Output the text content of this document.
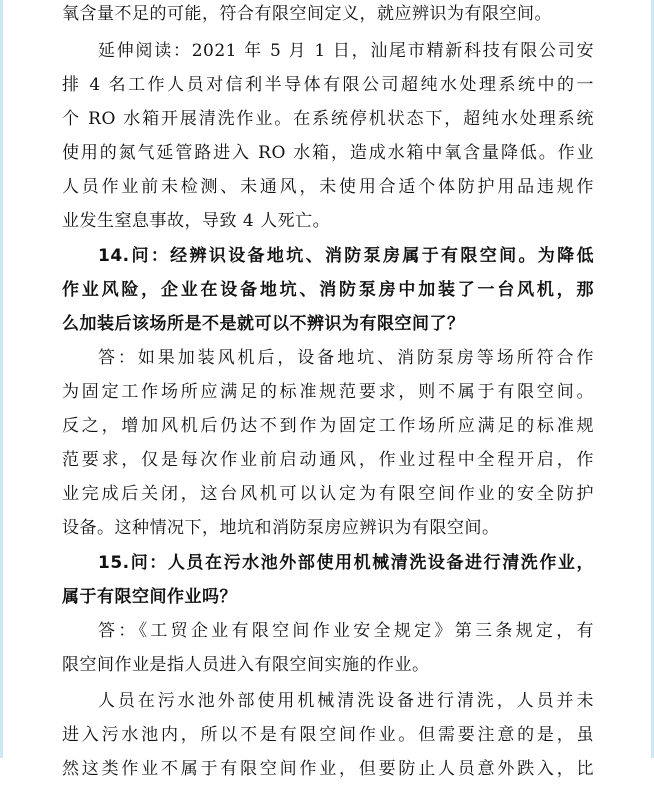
氧含量不足的可能，符合有限空间定义，就应辨识为有限空间。
延伸阅读：2021 年 5 月 1 日，汕尾市精新科技有限公司安
排 4 名工作人员对信利半导体有限公司超纯水处理系统中的一
个 RO 水箱开展清洗作业。在系统停机状态下，超纯水处理系统
使用的氮气延管路进入 RO 水箱，造成水箱中氧含量降低。作业
人员作业前未检测、未通风，未使用合适个体防护用品违规作
业发生窒息事故，导致 4 人死亡。
14.问：经辨识设备地坑、消防泵房属于有限空间。为降低
作业风险，企业在设备地坑、消防泵房中加装了一台风机，那
么加装后该场所是不是就可以不辨识为有限空间了？
答：如果加装风机后，设备地坑、消防泵房等场所符合作
为固定工作场所应满足的标准规范要求，则不属于有限空间。
反之，增加风机后仍达不到作为固定工作场所应满足的标准规
范要求，仅是每次作业前启动通风，作业过程中全程开启，作
业完成后关闭，这台风机可以认定为有限空间作业的安全防护
设备。这种情况下，地坑和消防泵房应辨识为有限空间。
15.问：人员在污水池外部使用机械清洗设备进行清洗作业，
属于有限空间作业吗？
答：《工贸企业有限空间作业安全规定》第三条规定，有
限空间作业是指人员进入有限空间实施的作业。
人员在污水池外部使用机械清洗设备进行清洗，人员并未
进入污水池内，所以不是有限空间作业。但需要注意的是，虽
然这类作业不属于有限空间作业，但要防止人员意外跌入，比
